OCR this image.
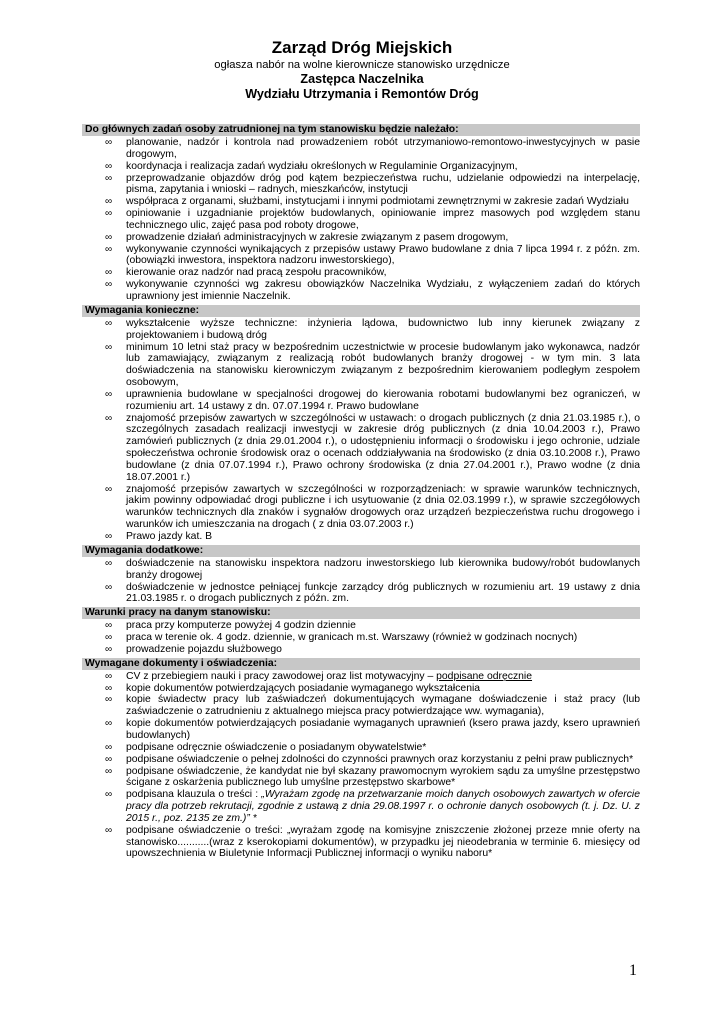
Zarząd Dróg Miejskich
ogłasza nabór na wolne kierownicze stanowisko urzędnicze
Zastępca Naczelnika
Wydziału Utrzymania i Remontów Dróg
Do głównych zadań osoby zatrudnionej na tym stanowisku będzie należało:
∞ planowanie, nadzór i kontrola nad prowadzeniem robót utrzymaniowo-remontowo-inwestycyjnych w pasie drogowym,
∞ koordynacja i realizacja zadań wydziału określonych w Regulaminie Organizacyjnym,
∞ przeprowadzanie objazdów dróg pod kątem bezpieczeństwa ruchu, udzielanie odpowiedzi na interpelację, pisma, zapytania i wnioski – radnych, mieszkańców, instytucji
∞ współpraca z organami, służbami, instytucjami i innymi podmiotami zewnętrznymi w zakresie zadań Wydziału
∞ opiniowanie i uzgadnianie projektów budowlanych, opiniowanie imprez masowych pod względem stanu technicznego ulic, zajęć pasa pod roboty drogowe,
∞ prowadzenie działań administracyjnych w zakresie związanym z pasem drogowym,
∞ wykonywanie czynności wynikających z przepisów ustawy Prawo budowlane z dnia 7 lipca 1994 r. z późn. zm. (obowiązki inwestora, inspektora nadzoru inwestorskiego),
∞ kierowanie oraz nadzór nad pracą zespołu pracowników,
∞ wykonywanie czynności wg zakresu obowiązków Naczelnika Wydziału, z wyłączeniem zadań do których uprawniony jest imiennie Naczelnik.
Wymagania konieczne:
∞ wykształcenie wyższe techniczne: inżynieria lądowa, budownictwo lub inny kierunek związany z projektowaniem i budową dróg
∞ minimum 10 letni staż pracy w bezpośrednim uczestnictwie w procesie budowlanym jako wykonawca, nadzór lub zamawiający, związanym z realizacją robót budowlanych branży drogowej - w tym min. 3 lata doświadczenia na stanowisku kierowniczym związanym z bezpośrednim kierowaniem podległym zespołem osobowym,
∞ uprawnienia budowlane w specjalności drogowej do kierowania robotami budowlanymi bez ograniczeń, w rozumieniu art. 14 ustawy z dn. 07.07.1994 r. Prawo budowlane
∞ znajomość przepisów zawartych w szczególności w ustawach: o drogach publicznych (z dnia 21.03.1985 r.), o szczególnych zasadach realizacji inwestycji w zakresie dróg publicznych (z dnia 10.04.2003 r.), Prawo zamówień publicznych (z dnia 29.01.2004 r.), o udostępnieniu informacji o środowisku i jego ochronie, udziale społeczeństwa ochronie środowisk oraz o ocenach oddziaływania na środowisko (z dnia 03.10.2008 r.), Prawo budowlane (z dnia 07.07.1994 r.), Prawo ochrony środowiska (z dnia 27.04.2001 r.), Prawo wodne (z dnia 18.07.2001 r.)
∞ znajomość przepisów zawartych w szczególności w rozporządzeniach: w sprawie warunków technicznych, jakim powinny odpowiadać drogi publiczne i ich usytuowanie (z dnia 02.03.1999 r.), w sprawie szczegółowych warunków technicznych dla znaków i sygnałów drogowych oraz urządzeń bezpieczeństwa ruchu drogowego i warunków ich umieszczania na drogach ( z dnia 03.07.2003 r.)
∞ Prawo jazdy kat. B
Wymagania dodatkowe:
∞ doświadczenie na stanowisku inspektora nadzoru inwestorskiego lub kierownika budowy/robót budowlanych branży drogowej
∞ doświadczenie w jednostce pełniącej funkcje zarządcy dróg publicznych w rozumieniu art. 19 ustawy z dnia 21.03.1985 r. o drogach publicznych z późn. zm.
Warunki pracy na danym stanowisku:
∞ praca przy komputerze powyżej 4 godzin dziennie
∞ praca w terenie ok. 4 godz. dziennie, w granicach m.st. Warszawy (również w godzinach nocnych)
∞ prowadzenie pojazdu służbowego
Wymagane dokumenty i oświadczenia:
∞ CV z przebiegiem nauki i pracy zawodowej oraz list motywacyjny – podpisane odręcznie
∞ kopie dokumentów potwierdzających posiadanie wymaganego wykształcenia
∞ kopie świadectw pracy lub zaświadczeń dokumentujących wymagane doświadczenie i staż pracy (lub zaświadczenie o zatrudnieniu z aktualnego miejsca pracy potwierdzające ww. wymagania),
∞ kopie dokumentów potwierdzających posiadanie wymaganych uprawnień (ksero prawa jazdy, ksero uprawnień budowlanych)
∞ podpisane odręcznie oświadczenie o posiadanym obywatelstwie*
∞ podpisane oświadczenie o pełnej zdolności do czynności prawnych oraz korzystaniu z pełni praw publicznych*
∞ podpisane oświadczenie, że kandydat nie był skazany prawomocnym wyrokiem sądu za umyślne przestępstwo ścigane z oskarżenia publicznego lub umyślne przestępstwo skarbowe*
∞ podpisana klauzula o treści : „Wyrażam zgodę na przetwarzanie moich danych osobowych zawartych w ofercie pracy dla potrzeb rekrutacji, zgodnie z ustawą z dnia 29.08.1997 r. o ochronie danych osobowych (t. j. Dz. U. z 2015 r., poz. 2135 ze zm.)” *
∞ podpisane oświadczenie o treści: „wyrażam zgodę na komisyjne zniszczenie złożonej przeze mnie oferty na stanowisko...........(wraz z kserokopiami dokumentów), w przypadku jej nieodebrania w terminie 6. miesięcy od upowszechnienia w Biuletynie Informacji Publicznej informacji o wyniku naboru*
1
